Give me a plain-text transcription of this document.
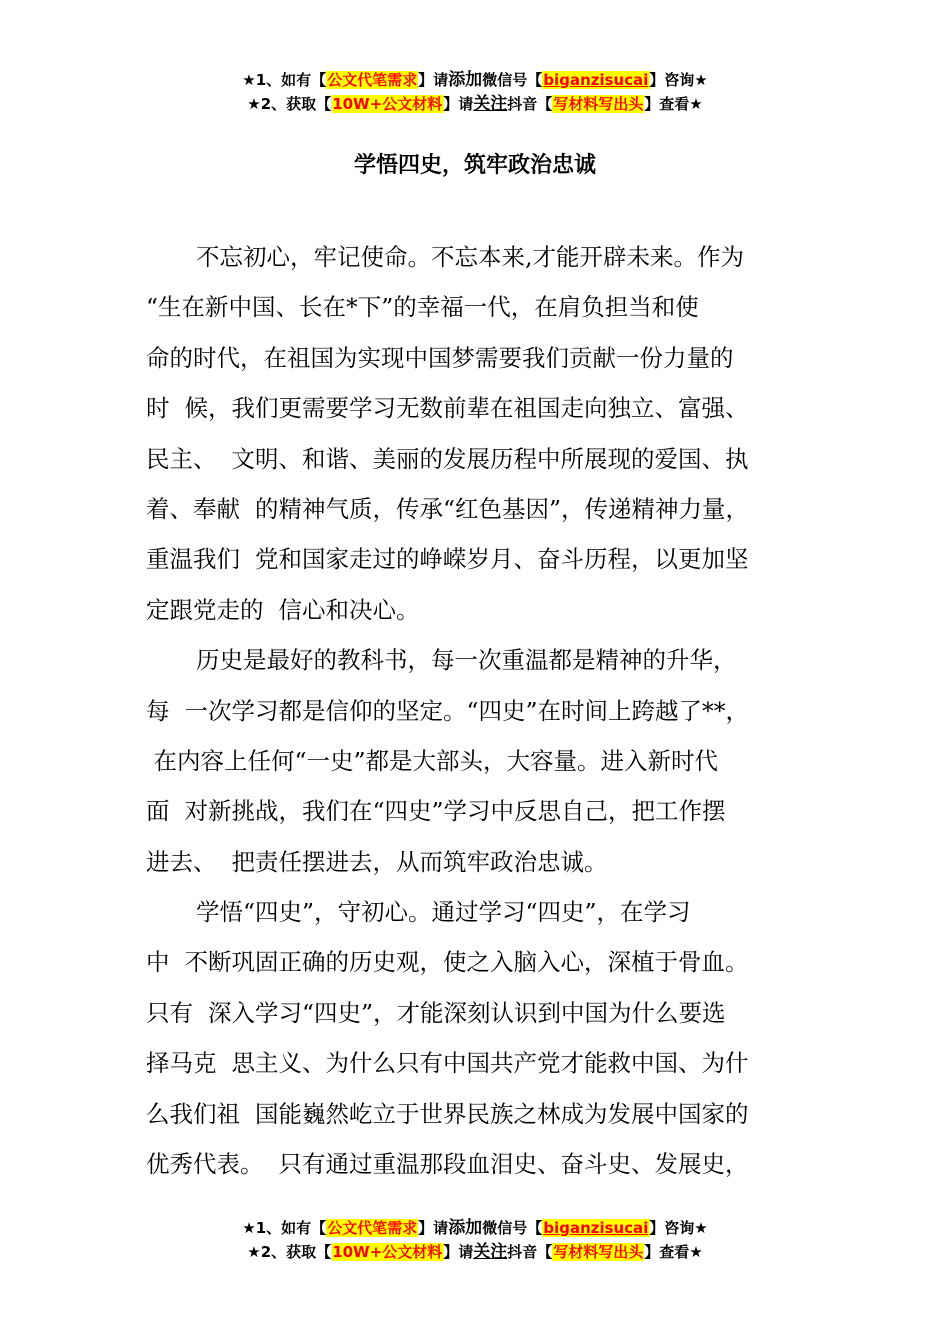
★1、如有【公文代笔需求】请添加微信号【biganzisucai】咨询★
★2、获取【10W+公文材料】请关注抖音【写材料写出头】查看★
学悟四史，筑牢政治忠诚
不忘初心，牢记使命。不忘本来,才能开辟未来。作为
“生在新中国、长在*下”的幸福一代，在肩负担当和使
命的时代，在祖国为实现中国梦需要我们贡献一份力量的
时  候，我们更需要学习无数前辈在祖国走向独立、富强、
民主、  文明、和谐、美丽的发展历程中所展现的爱国、执
着、奉献  的精神气质，传承“红色基因”，传递精神力量，
重温我们  党和国家走过的峥嵘岁月、奋斗历程，以更加坚
定跟党走的  信心和决心。
历史是最好的教科书，每一次重温都是精神的升华，
每  一次学习都是信仰的坚定。“四史”在时间上跨越了**，
在内容上任何“一史”都是大部头，大容量。进入新时代
面  对新挑战，我们在“四史”学习中反思自己，把工作摆
进去、  把责任摆进去，从而筑牢政治忠诚。
学悟“四史”，守初心。通过学习“四史”，在学习
中  不断巩固正确的历史观，使之入脑入心，深植于骨血。
只有  深入学习“四史”，才能深刻认识到中国为什么要选
择马克  思主义、为什么只有中国共产党才能救中国、为什
么我们祖  国能巍然屹立于世界民族之林成为发展中国家的
优秀代表。  只有通过重温那段血泪史、奋斗史、发展史，
★1、如有【公文代笔需求】请添加微信号【biganzisucai】咨询★
★2、获取【10W+公文材料】请关注抖音【写材料写出头】查看★
